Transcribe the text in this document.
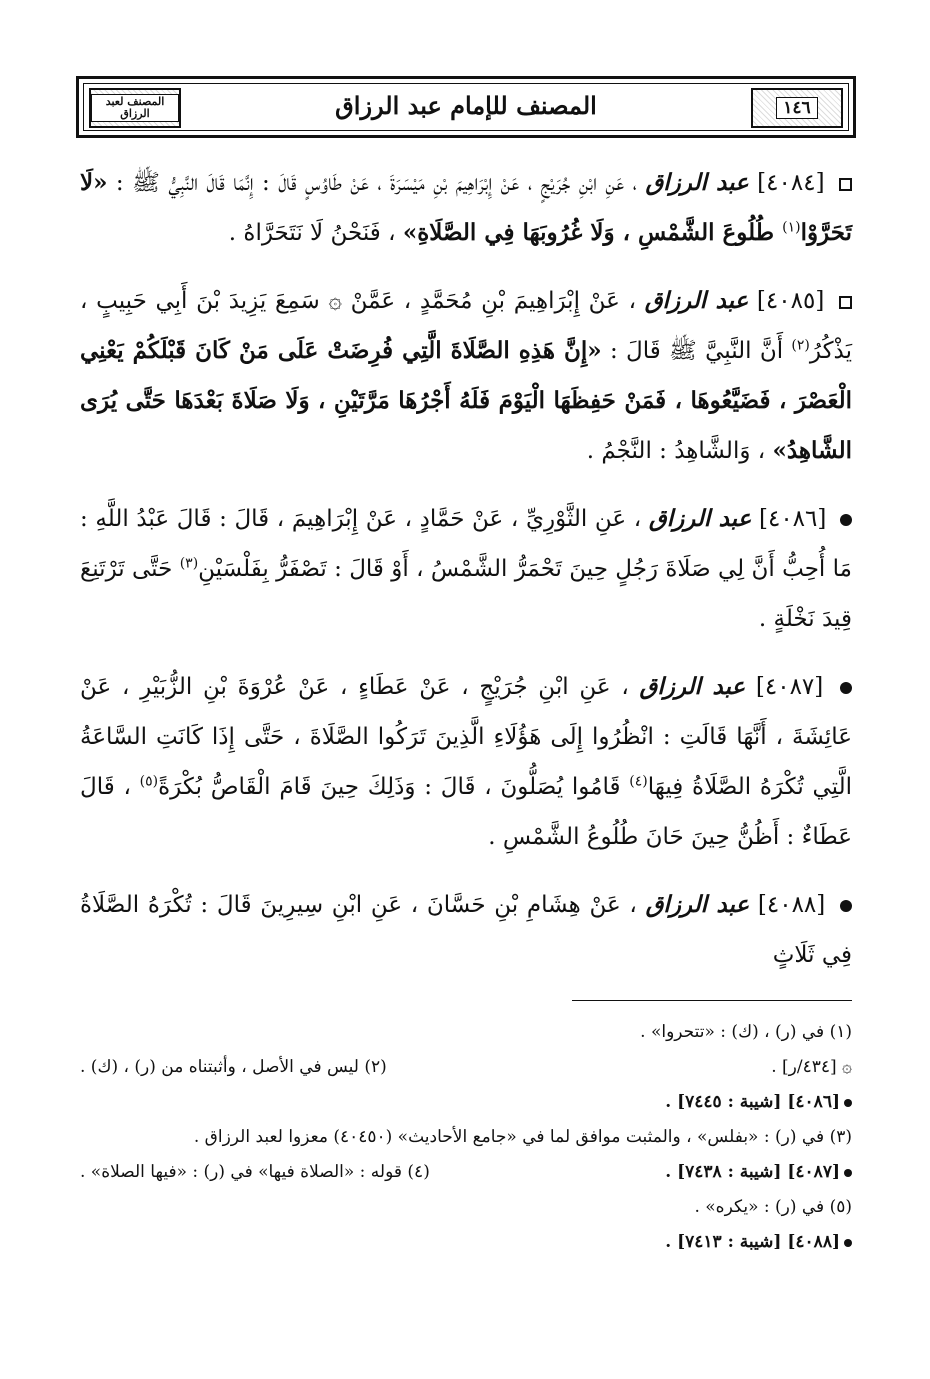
١٤٦
المصنف للإمام عبد الرزاق
المصنف لعبد الرزاق

[٤٠٨٤] عبد الرزاق ، عَنِ ابْنِ جُرَيْجٍ ، عَنْ إِبْرَاهِيمَ بْنِ مَيْسَرَةَ ، عَنْ طَاوُسٍ قَالَ : إِنَّمَا قَالَ النَّبِيُّ ﷺ : «لَا تَحَرَّوْا$^{(١)}$ طُلُوعَ الشَّمْسِ ، وَلَا غُرُوبَهَا فِي الصَّلَاةِ» ، فَنَحْنُ لَا نَتَحَرَّاهُ .

[٤٠٨٥] عبد الرزاق ، عَنْ إِبْرَاهِيمَ بْنِ مُحَمَّدٍ ، عَمَّنْ ۞ سَمِعَ يَزِيدَ بْنَ أَبِي حَبِيبٍ ، يَذْكُرُ$^{(٢)}$ أَنَّ النَّبِيَّ ﷺ قَالَ : «إِنَّ هَذِهِ الصَّلَاةَ الَّتِي فُرِضَتْ عَلَى مَنْ كَانَ قَبْلَكُمْ يَعْنِي الْعَصْرَ ، فَضَيَّعُوهَا ، فَمَنْ حَفِظَهَا الْيَوْمَ فَلَهُ أَجْرُهَا مَرَّتَيْنِ ، وَلَا صَلَاةَ بَعْدَهَا حَتَّى يُرَى الشَّاهِدُ» ، وَالشَّاهِدُ : النَّجْمُ .

[٤٠٨٦] عبد الرزاق ، عَنِ الثَّوْرِيِّ ، عَنْ حَمَّادٍ ، عَنْ إِبْرَاهِيمَ ، قَالَ : قَالَ عَبْدُ اللَّهِ : مَا أُحِبُّ أَنَّ لِي صَلَاةَ رَجُلٍ حِينَ تَحْمَرُّ الشَّمْسُ ، أَوْ قَالَ : تَصْفَرُّ بِفَلْسَيْنِ$^{(٣)}$ حَتَّى تَرْتَنِعَ قِيدَ نَخْلَةٍ .

[٤٠٨٧] عبد الرزاق ، عَنِ ابْنِ جُرَيْجٍ ، عَنْ عَطَاءٍ ، عَنْ عُرْوَةَ بْنِ الزُّبَيْرِ ، عَنْ عَائِشَةَ ، أَنَّهَا قَالَتِ : انْظُرُوا إِلَى هَؤُلَاءِ الَّذِينَ تَرَكُوا الصَّلَاةَ ، حَتَّى إِذَا كَانَتِ السَّاعَةُ الَّتِي تُكْرَهُ الصَّلَاةُ فِيهَا$^{(٤)}$ قَامُوا يُصَلُّونَ ، قَالَ : وَذَلِكَ حِينَ قَامَ الْقَاصُّ بُكْرَةً$^{(٥)}$ ، قَالَ عَطَاءٌ : أَظُنُّ حِينَ حَانَ طُلُوعُ الشَّمْسِ .

[٤٠٨٨] عبد الرزاق ، عَنْ هِشَامِ بْنِ حَسَّانَ ، عَنِ ابْنِ سِيرِينَ قَالَ : تُكْرَهُ الصَّلَاةُ فِي ثَلَاثٍ

(١) في (ر) ، (ك) : «تتحروا» .
۞ [٤٣٤/ر] .
(٢) ليس في الأصل ، وأثبتناه من (ر) ، (ك) .
[٤٠٨٦] [شيبة : ٧٤٤٥] .
(٣) في (ر) : «بفلس» ، والمثبت موافق لما في «جامع الأحاديث» (٤٠٤٥٠) معزوا لعبد الرزاق .
[٤٠٨٧] [شيبة : ٧٤٣٨] .
(٤) قوله : «الصلاة فيها» في (ر) : «فيها الصلاة» .
(٥) في (ر) : «يكره» .
[٤٠٨٨] [شيبة : ٧٤١٣] .
